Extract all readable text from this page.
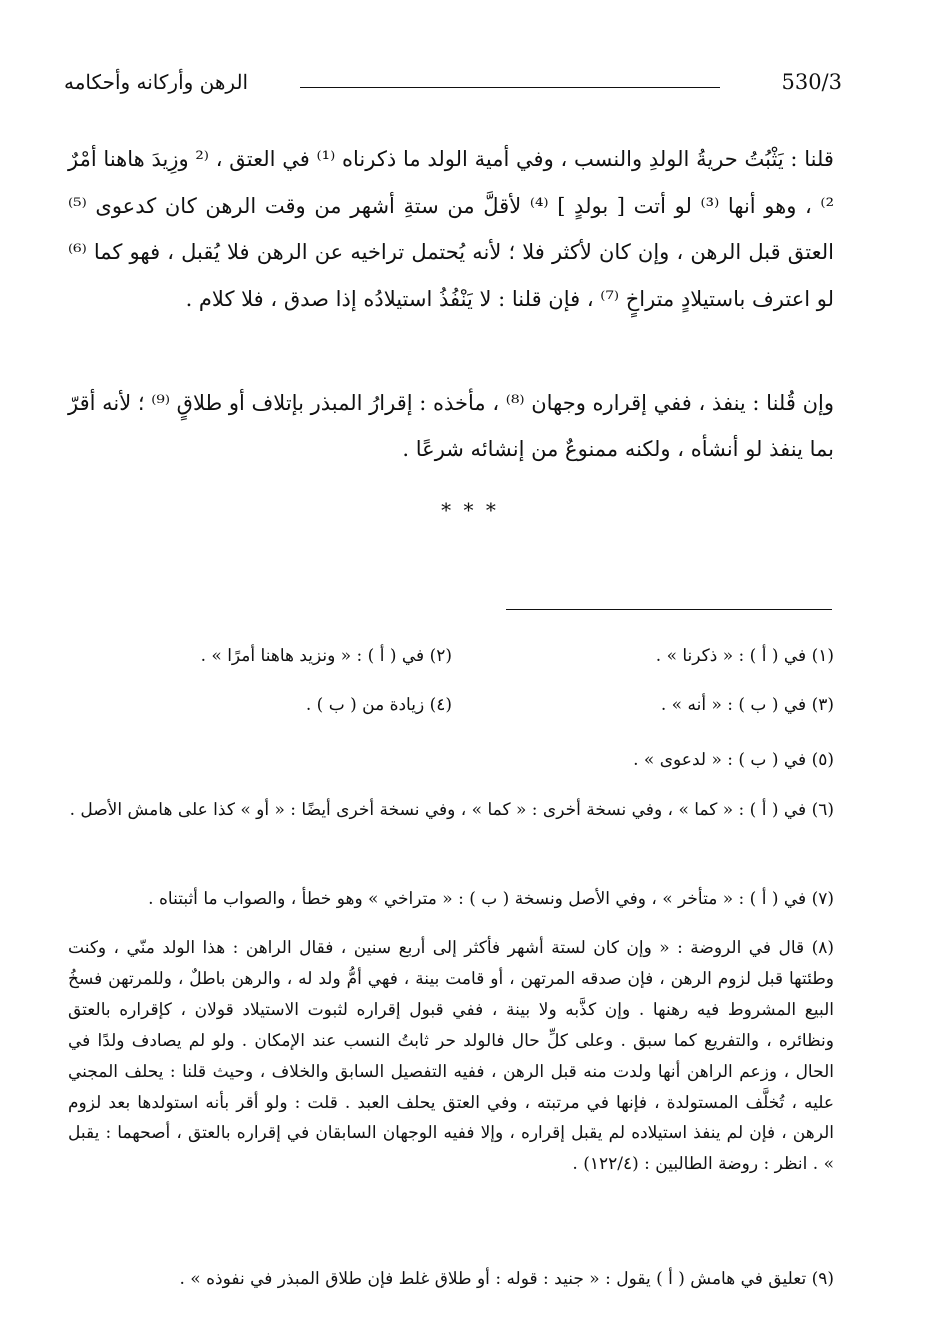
530/3
الرهن وأركانه وأحكامه
قلنا : يَثْبُتُ حريةُ الولدِ والنسب ، وفي أمية الولد ما ذكرناه ⁽¹⁾ في العتق ، ⁽² وزِيدَ هاهنا أمْرٌ ²⁾ ، وهو أنها ⁽³⁾ لو أتت [ بولدٍ ] ⁽⁴⁾ لأقلَّ من ستةِ أشهر من وقت الرهن كان كدعوى ⁽⁵⁾ العتق قبل الرهن ، وإن كان لأكثر فلا ؛ لأنه يُحتمل تراخيه عن الرهن فلا يُقبل ، فهو كما ⁽⁶⁾ لو اعترف باستيلادٍ متراخٍ ⁽⁷⁾ ، فإن قلنا : لا يَنْفُذُ استيلادُه إذا صدق ، فلا كلام .
وإن قُلنا : ينفذ ، ففي إقراره وجهان ⁽⁸⁾ ، مأخذه : إقرارُ المبذر بإتلاف أو طلاقٍ ⁽⁹⁾ ؛ لأنه أقرّ بما ينفذ لو أنشأه ، ولكنه ممنوعٌ من إنشائه شرعًا .
* * *
(١) في ( أ ) : « ذكرنا » .
(٢) في ( أ ) : « ونزيد هاهنا أمرًا » .
(٣) في ( ب ) : « أنه » .
(٤) زيادة من ( ب ) .
(٥) في ( ب ) : « لدعوى » .
(٦) في ( أ ) : « كما » ، وفي نسخة أخرى : « كما » ، وفي نسخة أخرى أيضًا : « أو » كذا على هامش الأصل .
(٧) في ( أ ) : « متأخر » ، وفي الأصل ونسخة ( ب ) : « متراخي » وهو خطأ ، والصواب ما أثبتناه .
(٨) قال في الروضة : « وإن كان لستة أشهر فأكثر إلى أربع سنين ، فقال الراهن : هذا الولد منّي ، وكنت وطئتها قبل لزوم الرهن ، فإن صدقه المرتهن ، أو قامت بينة ، فهي أمُّ ولد له ، والرهن باطلٌ ، وللمرتهن فسخُ البيع المشروط فيه رهنها . وإن كذَّبه ولا بينة ، ففي قبول إقراره لثبوت الاستيلاد قولان ، كإقراره بالعتق ونظائره ، والتفريع كما سبق . وعلى كلِّ حال فالولد حر ثابتُ النسب عند الإمكان . ولو لم يصادف ولدًا في الحال ، وزعم الراهن أنها ولدت منه قبل الرهن ، ففيه التفصيل السابق والخلاف ، وحيث قلنا : يحلف المجني عليه ، تُخلَّف المستولدة ، فإنها في مرتبته ، وفي العتق يحلف العبد . قلت : ولو أقر بأنه استولدها بعد لزوم الرهن ، فإن لم ينفذ استيلاده لم يقبل إقراره ، وإلا ففيه الوجهان السابقان في إقراره بالعتق ، أصحهما : يقبل » . انظر : روضة الطالبين : (١٢٢/٤) .
(٩) تعليق في هامش ( أ ) يقول : « جنيد : قوله : أو طلاق غلط فإن طلاق المبذر في نفوذه » .
